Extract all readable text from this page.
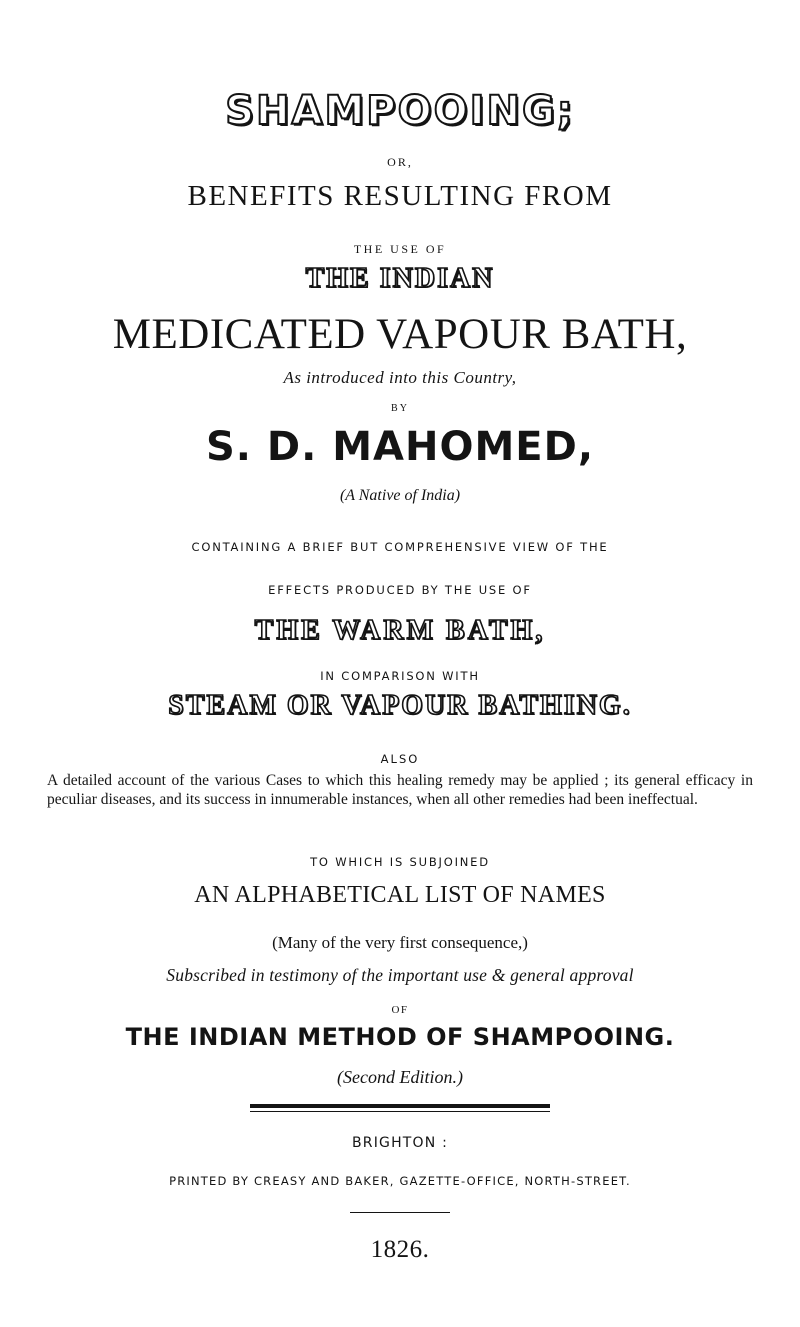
SHAMPOOING;

OR,

BENEFITS RESULTING FROM

THE USE OF

THE INDIAN

MEDICATED VAPOUR BATH,

As introduced into this Country,

BY

S. D. MAHOMED,

(A Native of India)

CONTAINING A BRIEF BUT COMPREHENSIVE VIEW OF THE

EFFECTS PRODUCED BY THE USE OF

THE WARM BATH,

IN COMPARISON WITH

STEAM OR VAPOUR BATHING.

ALSO

A detailed account of the various Cases to which this healing remedy may be applied ; its general efficacy in peculiar diseases, and its success in innumerable instances, when all other remedies had been ineffectual.

TO WHICH IS SUBJOINED

AN ALPHABETICAL LIST OF NAMES

(Many of the very first consequence,)

Subscribed in testimony of the important use & general approval

OF

THE INDIAN METHOD OF SHAMPOOING.

(Second Edition.)

BRIGHTON :

PRINTED BY CREASY AND BAKER, GAZETTE-OFFICE, NORTH-STREET.

1826.
